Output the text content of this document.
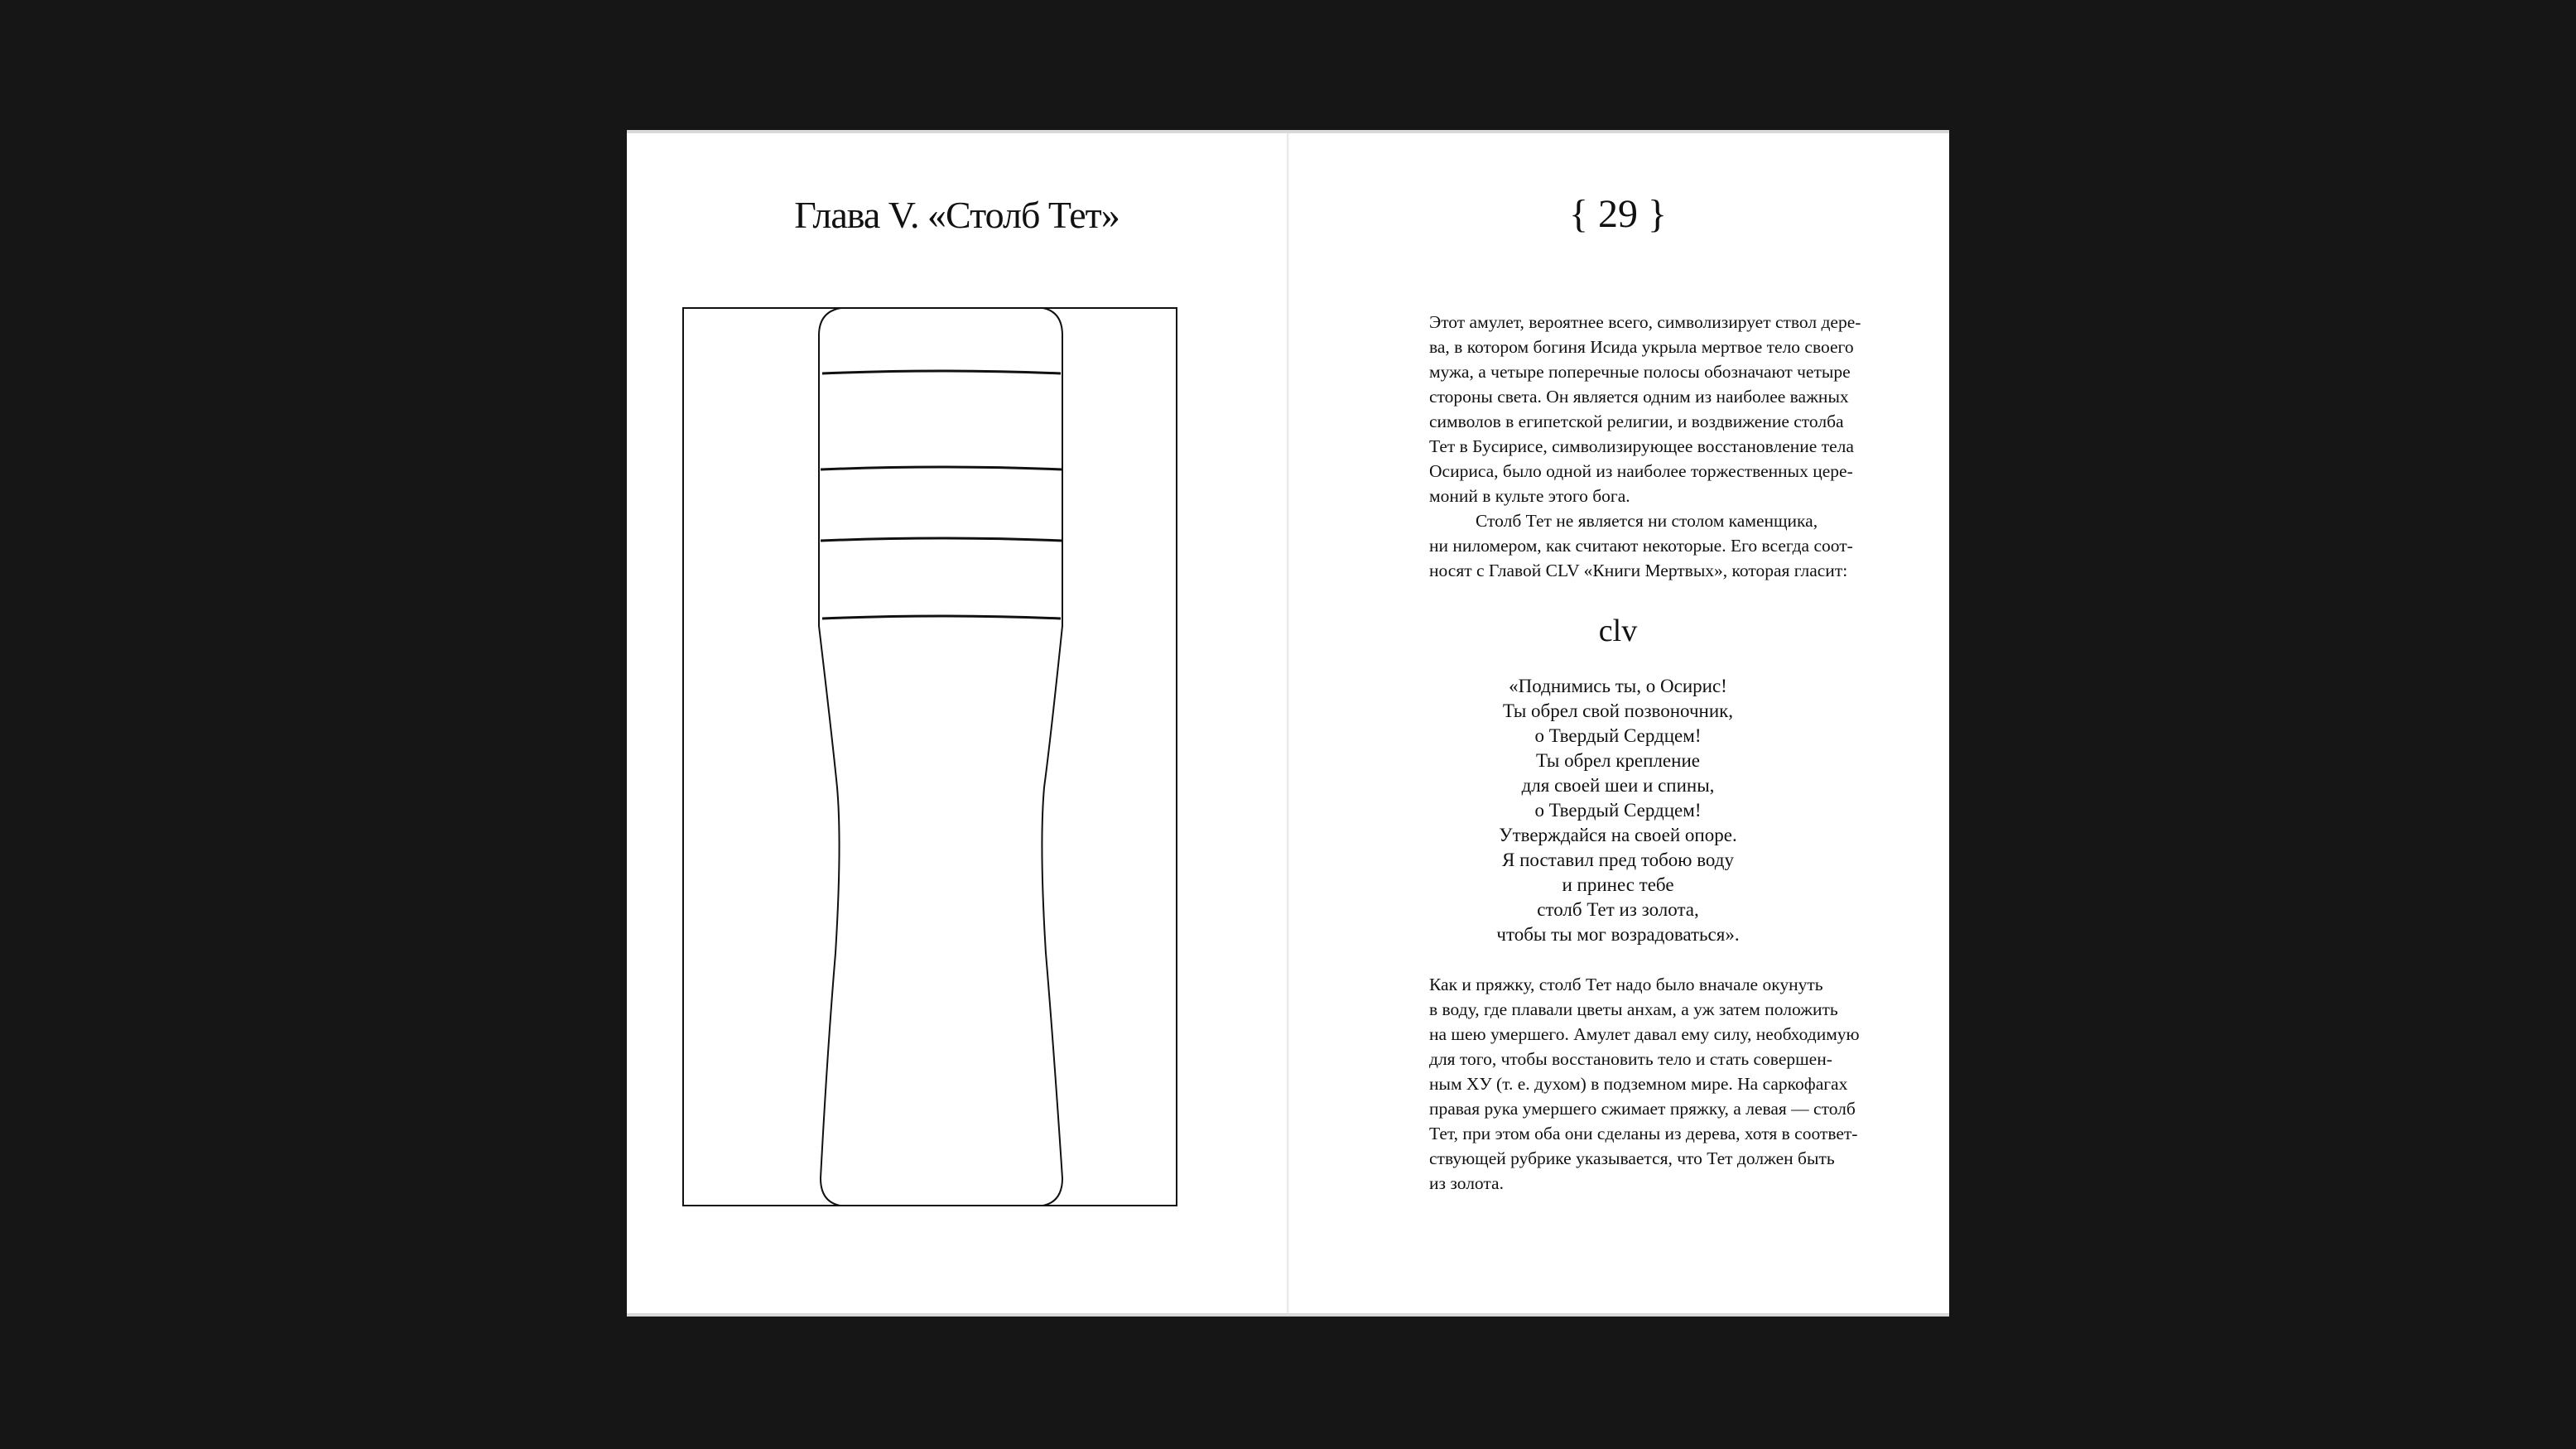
Глава V. «Столб Тет»	{ 29 }
Этот амулет, вероятнее всего, символизирует ствол дере-
ва, в котором богиня Исида укрыла мертвое тело своего
мужа, а четыре поперечные полосы обозначают четыре
стороны света. Он является одним из наиболее важных
символов в египетской религии, и воздвижение столба
Тет в Бусирисе, символизирующее восстановление тела
Осириса, было одной из наиболее торжественных цере-
моний в культе этого бога.
Столб Тет не является ни столом каменщика,
ни ниломером, как считают некоторые. Его всегда соот-
носят с Главой CLV «Книги Мертвых», которая гласит:
clv
«Поднимись ты, о Осирис!
Ты обрел свой позвоночник,
о Твердый Сердцем!
Ты обрел крепление
для своей шеи и спины,
о Твердый Сердцем!
Утверждайся на своей опоре.
Я поставил пред тобою воду
и принес тебе
столб Тет из золота,
чтобы ты мог возрадоваться».
Как и пряжку, столб Тет надо было вначале окунуть
в воду, где плавали цветы анхам, а уж затем положить
на шею умершего. Амулет давал ему силу, необходимую
для того, чтобы восстановить тело и стать совершен-
ным ХУ (т. е. духом) в подземном мире. На саркофагах
правая рука умершего сжимает пряжку, а левая — столб
Тет, при этом оба они сделаны из дерева, хотя в соответ-
ствующей рубрике указывается, что Тет должен быть
из золота.
